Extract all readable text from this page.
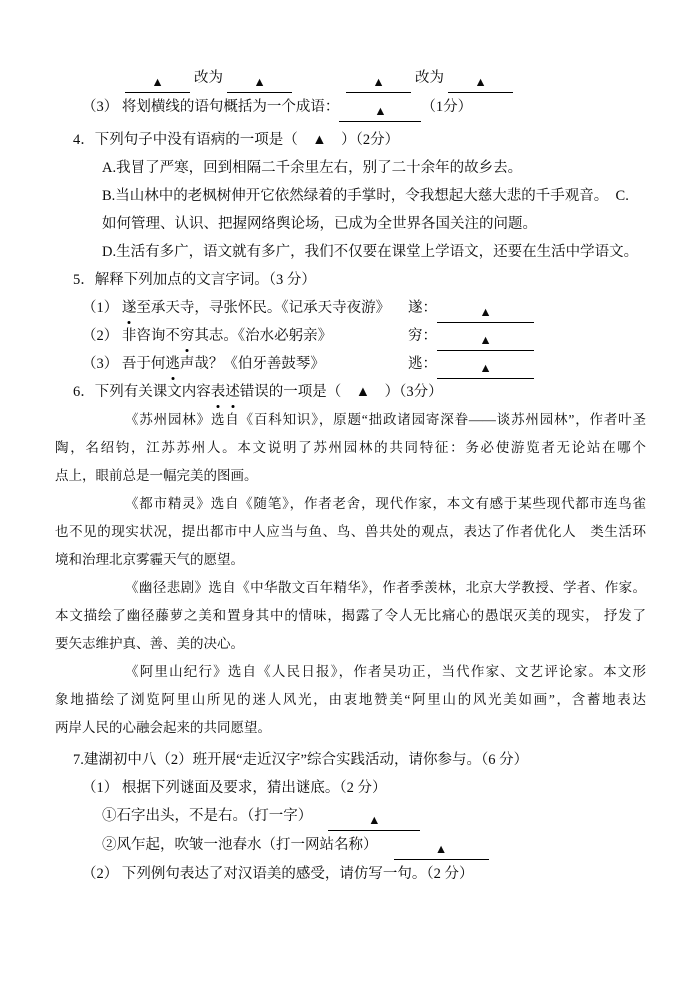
▲ 改为 ▲	▲ 改为 ▲
（3） 将划横线的语句概括为一个成语：	▲ （1分）
4．下列句子中没有语病的一项是（　▲　）（2分）
A.我冒了严寒，回到相隔二千余里左右，别了二十余年的故乡去。
B.当山林中的老枫树伸开它依然绿着的手掌时，令我想起大慈大悲的千手观音。　C.
如何管理、认识、把握网络舆论场，已成为全世界各国关注的问题。
D.生活有多广，语文就有多广，我们不仅要在课堂上学语文，还要在生活中学语文。
5．解释下列加点的文言字词。（3 分）
（1） 遂至承天寺，寻张怀民。《记承天寺夜游》 遂：	▲
（2） 非咨询不穷其志。《治水必躬亲》	穷：	▲
（3） 吾于何逃声哉？《伯牙善鼓琴》	逃：	▲
6．下列有关课文内容表述错误的一项是（　▲　）（3分）
《苏州园林》选自《百科知识》，原题“拙政诸园寄深眷——谈苏州园林”，作者叶圣
陶，名绍钧，江苏苏州人。本文说明了苏州园林的共同特征：务必使游览者无论站在哪个
点上，眼前总是一幅完美的图画。
《都市精灵》选自《随笔》，作者老舍，现代作家，本文有感于某些现代都市连鸟雀
也不见的现实状况，提出都市中人应当与鱼、鸟、兽共处的观点，表达了作者优化人　类生活环
境和治理北京雾霾天气的愿望。
《幽径悲剧》选自《中华散文百年精华》，作者季羡林，北京大学教授、学者、作家。
本文描绘了幽径藤萝之美和置身其中的情味，揭露了令人无比痛心的愚氓灭美的现实， 抒发了
要矢志维护真、善、美的决心。
《阿里山纪行》选自《人民日报》，作者吴功正，当代作家、文艺评论家。本文形
象地描绘了浏览阿里山所见的迷人风光，由衷地赞美“阿里山的风光美如画”，含蓄地表达
两岸人民的心融会起来的共同愿望。
7.建湖初中八（2）班开展“走近汉字”综合实践活动，请你参与。（6 分）
（1） 根据下列谜面及要求，猜出谜底。（2 分）
①石字出头，不是右。（打一字）	▲
②风乍起，吹皱一池春水（打一网站名称）	▲
（2） 下列例句表达了对汉语美的感受，请仿写一句。（2 分）
